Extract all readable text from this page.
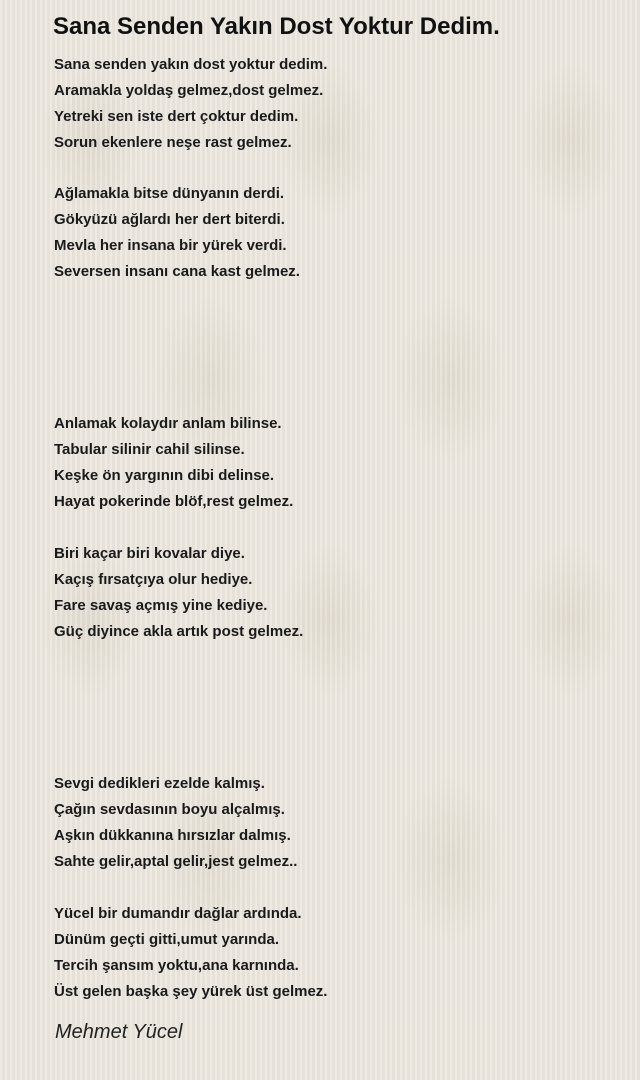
Sana Senden Yakın Dost Yoktur Dedim.
Sana senden yakın dost yoktur dedim.
Aramakla yoldaş gelmez,dost gelmez.
Yetreki sen iste dert çoktur dedim.
Sorun ekenlere neşe rast gelmez.
Ağlamakla bitse dünyanın derdi.
Gökyüzü ağlardı her dert biterdi.
Mevla her insana bir yürek verdi.
Seversen insanı cana kast gelmez.
Anlamak kolaydır anlam bilinse.
Tabular silinir cahil silinse.
Keşke ön yargının dibi delinse.
Hayat pokerinde blöf,rest gelmez.
Biri kaçar biri kovalar diye.
Kaçış fırsatçıya olur hediye.
Fare savaş açmış yine kediye.
Güç diyince akla artık post gelmez.
Sevgi dedikleri ezelde kalmış.
Çağın sevdasının boyu alçalmış.
Aşkın dükkanına hırsızlar dalmış.
Sahte gelir,aptal gelir,jest gelmez..
Yücel bir dumandır dağlar ardında.
Dünüm geçti gitti,umut yarında.
Tercih şansım yoktu,ana karnında.
Üst gelen başka şey yürek üst gelmez.
Mehmet Yücel
